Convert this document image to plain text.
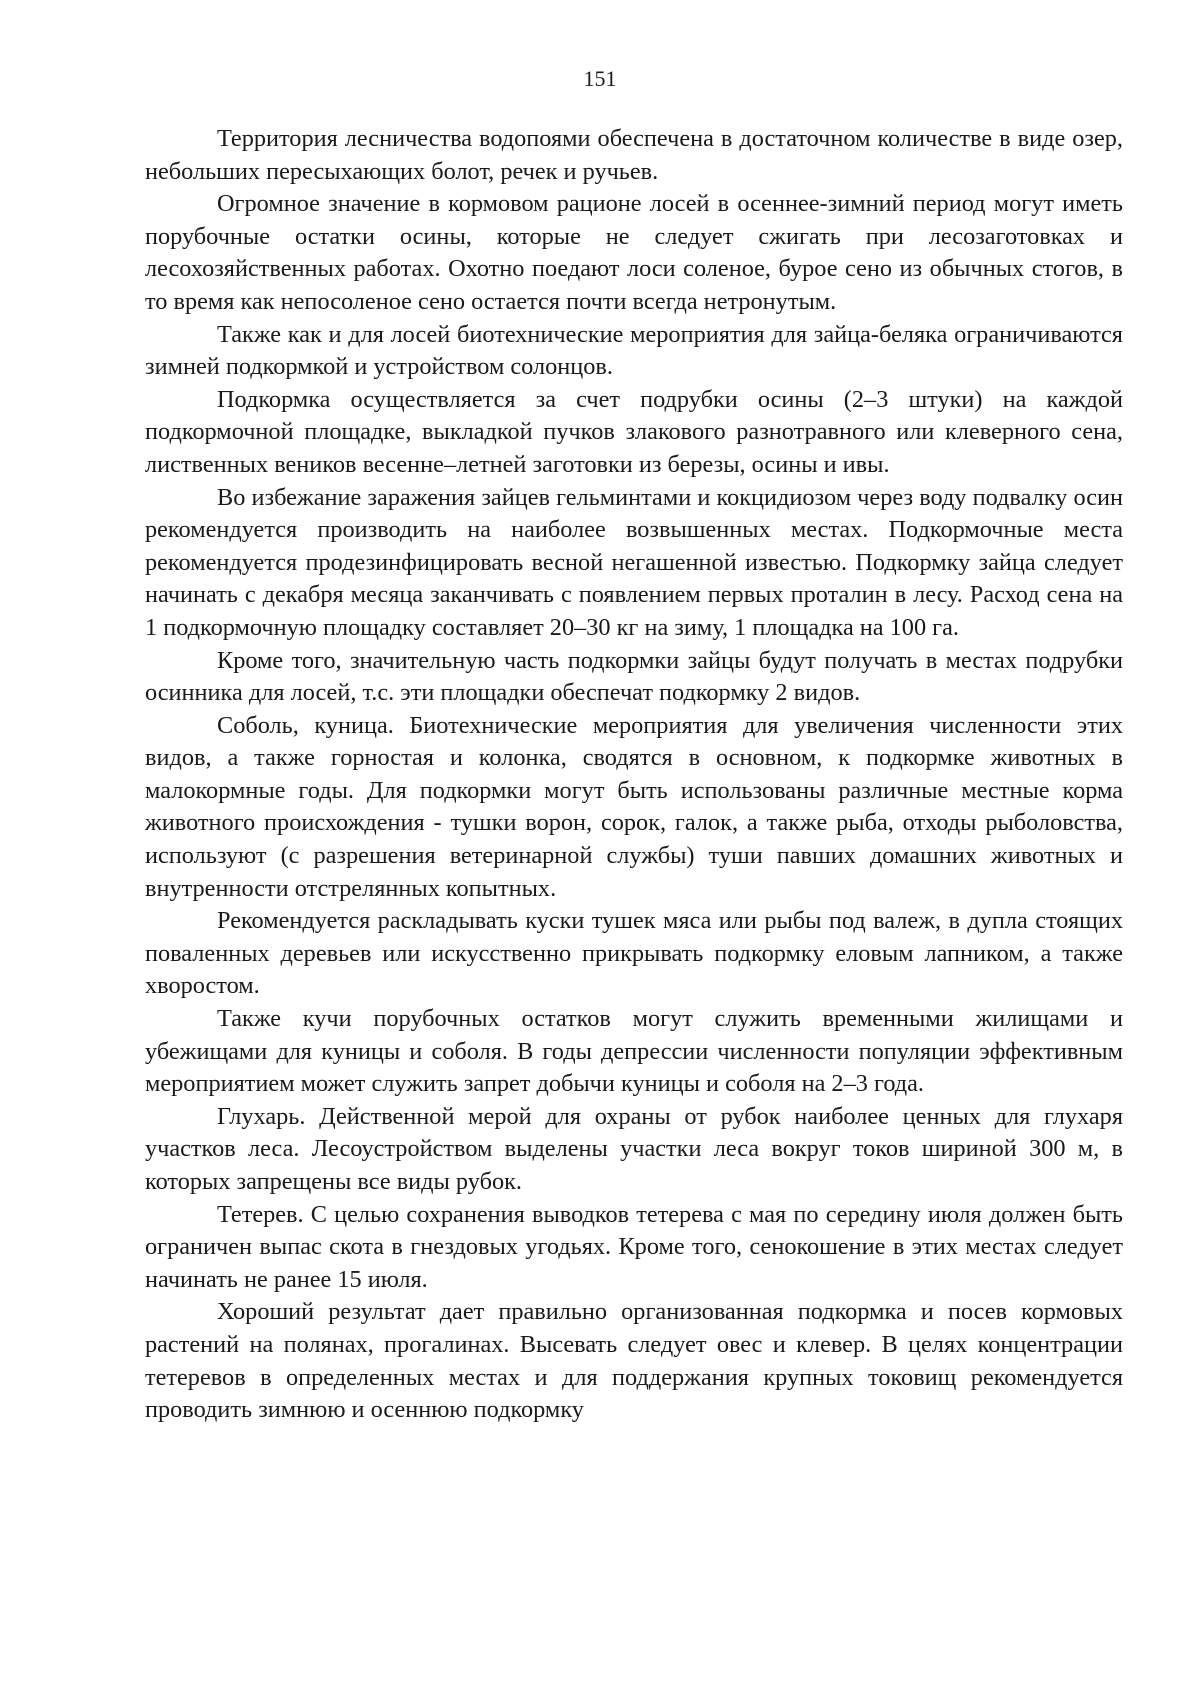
151

Территория лесничества водопоями обеспечена в достаточном количестве в виде озер, небольших пересыхающих болот, речек и ручьев.

Огромное значение в кормовом рационе лосей в осеннее-зимний период могут иметь порубочные остатки осины, которые не следует сжигать при лесозаготовках и лесохозяйственных работах. Охотно поедают лоси соленое, бурое сено из обычных стогов, в то время как непосоленое сено остается почти всегда нетронутым.

Также как и для лосей биотехнические мероприятия для зайца-беляка ограничиваются зимней подкормкой и устройством солонцов.

Подкормка осуществляется за счет подрубки осины (2–3 штуки) на каждой подкормочной площадке, выкладкой пучков злакового разнотравного или клеверного сена, лиственных веников весенне–летней заготовки из березы, осины и ивы.

Во избежание заражения зайцев гельминтами и кокцидиозом через воду подвалку осин рекомендуется производить на наиболее возвышенных местах. Подкормочные места рекомендуется продезинфицировать весной негашенной известью. Подкормку зайца следует начинать с декабря месяца заканчивать с появлением первых проталин в лесу. Расход сена на 1 подкормочную площадку составляет 20–30 кг на зиму, 1 площадка на 100 га.

Кроме того, значительную часть подкормки зайцы будут получать в местах подрубки осинника для лосей, т.с. эти площадки обеспечат подкормку 2 видов.

Соболь, куница. Биотехнические мероприятия для увеличения численности этих видов, а также горностая и колонка, сводятся в основном, к подкормке животных в малокормные годы. Для подкормки могут быть использованы различные местные корма животного происхождения - тушки ворон, сорок, галок, а также рыба, отходы рыболовства, используют (с разрешения ветеринарной службы) туши павших домашних животных и внутренности отстрелянных копытных.

Рекомендуется раскладывать куски тушек мяса или рыбы под валеж, в дупла стоящих поваленных деревьев или искусственно прикрывать подкормку еловым лапником, а также хворостом.

Также кучи порубочных остатков могут служить временными жилищами и убежищами для куницы и соболя. В годы депрессии численности популяции эффективным мероприятием может служить запрет добычи куницы и соболя на 2–3 года.

Глухарь. Действенной мерой для охраны от рубок наиболее ценных для глухаря участков леса. Лесоустройством выделены участки леса вокруг токов шириной 300 м, в которых запрещены все виды рубок.

Тетерев. С целью сохранения выводков тетерева с мая по середину июля должен быть ограничен выпас скота в гнездовых угодьях. Кроме того, сенокошение в этих местах следует начинать не ранее 15 июля.

Хороший результат дает правильно организованная подкормка и посев кормовых растений на полянах, прогалинах. Высевать следует овес и клевер. В целях концентрации тетеревов в определенных местах и для поддержания крупных токовищ рекомендуется проводить зимнюю и осеннюю подкормку
